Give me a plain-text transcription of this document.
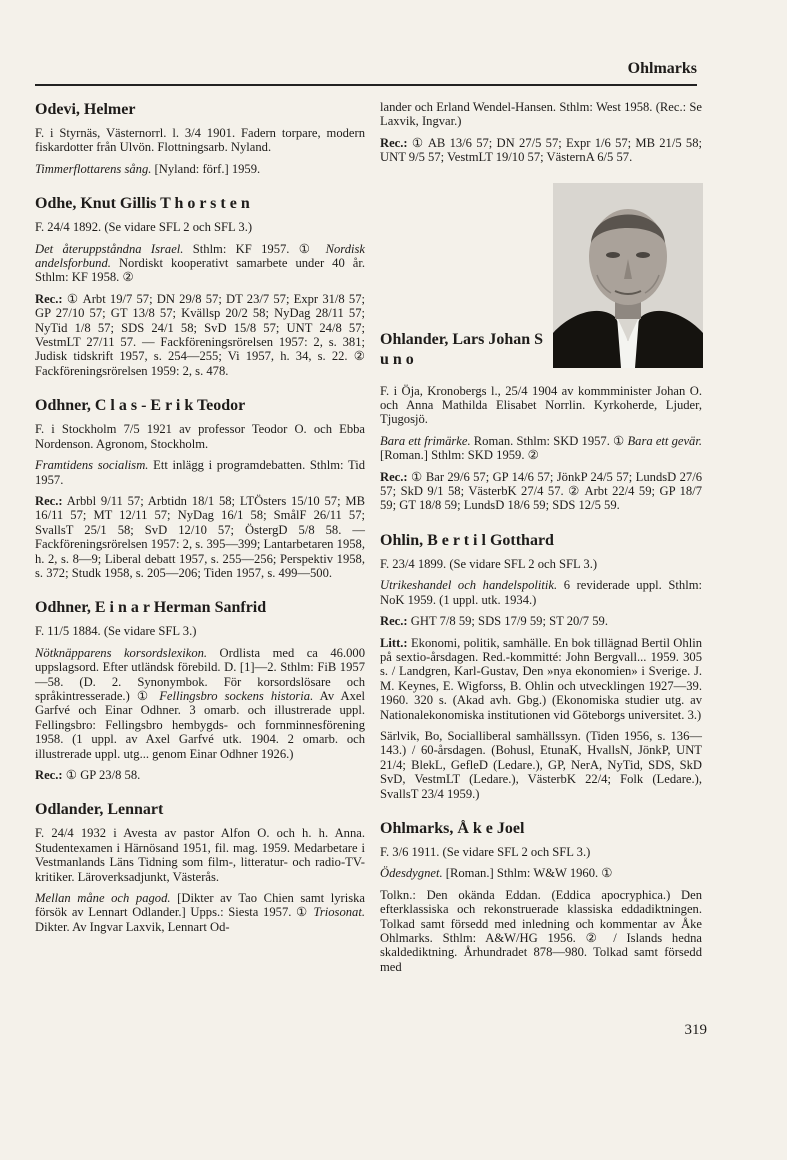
Ohlmarks
Odevi, Helmer

F. i Styrnäs, Västernorrl. l. 3/4 1901. Fadern torpare, modern fiskardotter från Ulvön. Flottningsarb. Nyland.

Timmerflottarens sång. [Nyland: förf.] 1959.

Odhe, Knut Gillis T h o r s t e n

F. 24/4 1892. (Se vidare SFL 2 och SFL 3.)

Det återuppståndna Israel. Sthlm: KF 1957. ① Nordisk andelsforbund. Nordiskt kooperativt samarbete under 40 år. Sthlm: KF 1958. ②

Rec.: ① Arbt 19/7 57; DN 29/8 57; DT 23/7 57; Expr 31/8 57; GP 27/10 57; GT 13/8 57; Kvällsp 20/2 58; NyDag 28/11 57; NyTid 1/8 57; SDS 24/1 58; SvD 15/8 57; UNT 24/8 57; VestmLT 27/11 57. — Fackföreningsrörelsen 1957: 2, s. 381; Judisk tidskrift 1957, s. 254—255; Vi 1957, h. 34, s. 22. ② Fackföreningsrörelsen 1959: 2, s. 478.

Odhner, C l a s - E r i k Teodor

F. i Stockholm 7/5 1921 av professor Teodor O. och Ebba Nordenson. Agronom, Stockholm.

Framtidens socialism. Ett inlägg i programdebatten. Sthlm: Tid 1957.

Rec.: Arbbl 9/11 57; Arbtidn 18/1 58; LTÖsters 15/10 57; MB 16/11 57; MT 12/11 57; NyDag 16/1 58; SmålF 26/11 57; SvallsT 25/1 58; SvD 12/10 57; ÖstergD 5/8 58. — Fackföreningsrörelsen 1957: 2, s. 395—399; Lantarbetaren 1958, h. 2, s. 8—9; Liberal debatt 1957, s. 255—256; Perspektiv 1958, s. 372; Studk 1958, s. 205—206; Tiden 1957, s. 499—500.

Odhner, E i n a r Herman Sanfrid

F. 11/5 1884. (Se vidare SFL 3.)

Nötknäpparens korsordslexikon. Ordlista med ca 46.000 uppslagsord. Efter utländsk förebild. D. [1]—2. Sthlm: FiB 1957—58. (D. 2. Synonymbok. För korsordslösare och språkintresserade.) ① Fellingsbro sockens historia. Av Axel Garfvé och Einar Odhner. 3 omarb. och illustrerade uppl. Fellingsbro: Fellingsbro hembygds- och fornminnesförening 1958. (1 uppl. av Axel Garfvé utk. 1904. 2 omarb. och illustrerade uppl. utg... genom Einar Odhner 1926.)

Rec.: ① GP 23/8 58.

Odlander, Lennart

F. 24/4 1932 i Avesta av pastor Alfon O. och h. h. Anna. Studentexamen i Härnösand 1951, fil. mag. 1959. Medarbetare i Vestmanlands Läns Tidning som film-, litteratur- och radio-TV-kritiker. Läroverksadjunkt, Västerås.

Mellan måne och pagod. [Dikter av Tao Chien samt lyriska försök av Lennart Odlander.] Upps.: Siesta 1957. ① Triosonat. Dikter. Av Ingvar Laxvik, Lennart Od-

lander och Erland Wendel-Hansen. Sthlm: West 1958. (Rec.: Se Laxvik, Ingvar.)

Rec.: ① AB 13/6 57; DN 27/5 57; Expr 1/6 57; MB 21/5 58; UNT 9/5 57; VestmLT 19/10 57; VästernA 6/5 57.

Ohlander, Lars Johan S u n o

F. i Öja, Kronobergs l., 25/4 1904 av kommminister Johan O. och Anna Mathilda Elisabet Norrlin. Kyrkoherde, Ljuder, Tjugosjö.

Bara ett frimärke. Roman. Sthlm: SKD 1957. ① Bara ett gevär. [Roman.] Sthlm: SKD 1959. ②

Rec.: ① Bar 29/6 57; GP 14/6 57; JönkP 24/5 57; LundsD 27/6 57; SkD 9/1 58; VästerbK 27/4 57. ② Arbt 22/4 59; GP 18/7 59; GT 18/8 59; LundsD 18/6 59; SDS 12/5 59.

Ohlin, B e r t i l Gotthard

F. 23/4 1899. (Se vidare SFL 2 och SFL 3.)

Utrikeshandel och handelspolitik. 6 reviderade uppl. Sthlm: NoK 1959. (1 uppl. utk. 1934.)

Rec.: GHT 7/8 59; SDS 17/9 59; ST 20/7 59.

Litt.: Ekonomi, politik, samhälle. En bok tillägnad Bertil Ohlin på sextio-årsdagen. Red.-kommitté: John Bergvall... 1959. 305 s. / Landgren, Karl-Gustav, Den »nya ekonomien» i Sverige. J. M. Keynes, E. Wigforss, B. Ohlin och utvecklingen 1927—39. 1960. 320 s. (Akad avh. Gbg.) (Ekonomiska studier utg. av Nationalekonomiska institutionen vid Göteborgs universitet. 3.)

Särlvik, Bo, Socialliberal samhällssyn. (Tiden 1956, s. 136—143.) / 60-årsdagen. (Bohusl, EtunaK, HvallsN, JönkP, UNT 21/4; BlekL, GefleD (Ledare.), GP, NerA, NyTid, SDS, SkD SvD, VestmLT (Ledare.), VästerbK 22/4; Folk (Ledare.), SvallsT 23/4 1959.)

Ohlmarks, Å k e Joel

F. 3/6 1911. (Se vidare SFL 2 och SFL 3.)

Ödesdygnet. [Roman.] Sthlm: W&W 1960. ①

Tolkn.: Den okända Eddan. (Eddica apocryphica.) Den efterklassiska och rekonstruerade klassiska eddadiktningen. Tolkad samt försedd med inledning och kommentar av Åke Ohlmarks. Sthlm: A&W/HG 1956. ② / Islands hedna skaldediktning. Århundradet 878—980. Tolkad samt försedd med

319
